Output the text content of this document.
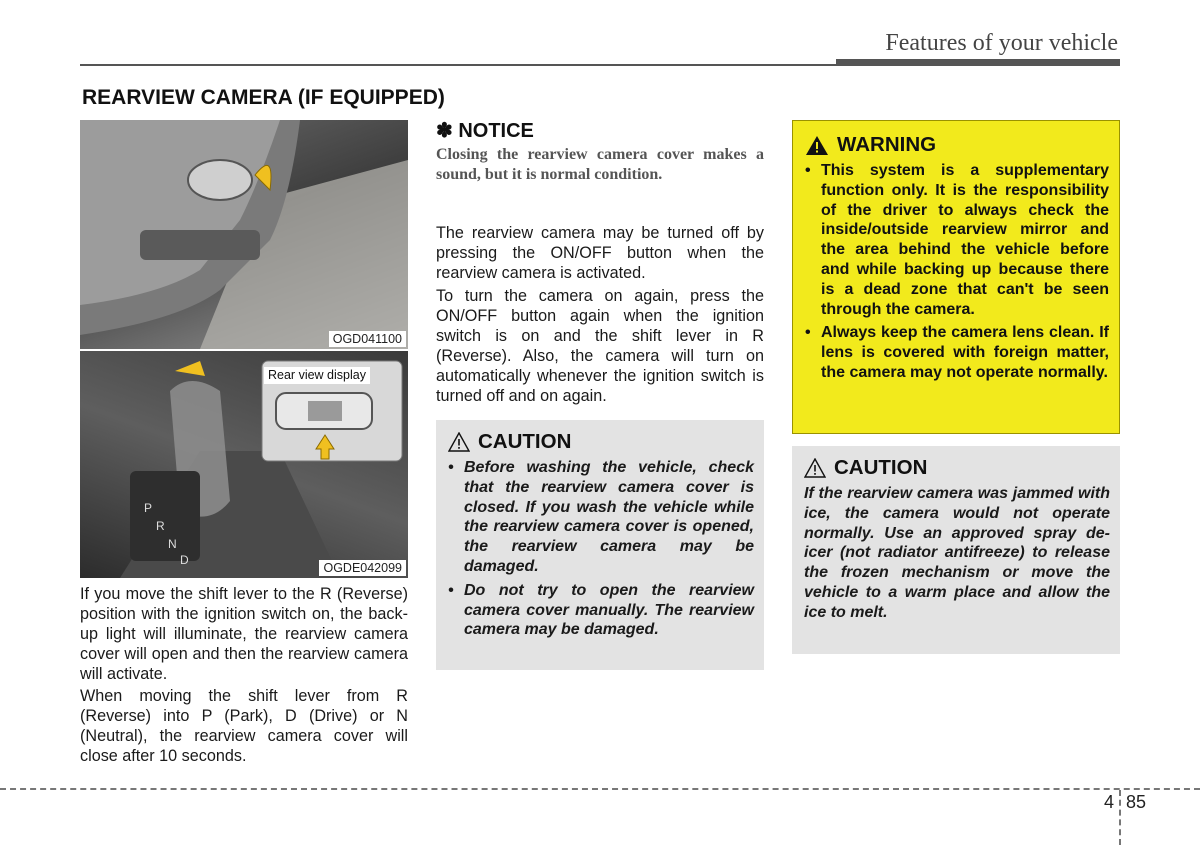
Features of your vehicle
REARVIEW CAMERA (IF EQUIPPED)
OGD041100
P
R
N
D
Rear view display
OGDE042099

If you move the shift lever to the R (Reverse) position with the ignition switch on, the back-up light will illuminate, the rearview camera cover will open and then the rearview camera will activate.

When moving the shift lever from R (Reverse) into P (Park), D (Drive) or N (Neutral), the rearview camera cover will close after 10 seconds.

✽ NOTICE

Closing the rearview camera cover makes a sound, but it is normal condition.

The rearview camera may be turned off by pressing the ON/OFF button when the rearview camera is activated.

To turn the camera on again, press the ON/OFF button again when the ignition switch is on and the shift lever in R (Reverse). Also, the camera will turn on automatically whenever the ignition switch is turned off and on again.

CAUTION
• Before washing the vehicle, check that the rearview camera cover is closed. If you wash the vehicle while the rearview camera cover is opened, the rearview camera may be damaged.
• Do not try to open the rearview camera cover manually. The rearview camera may be damaged.
WARNING
• This system is a supplementary function only. It is the responsibility of the driver to always check the inside/outside rearview mirror and the area behind the vehicle before and while backing up because there is a dead zone that can't be seen through the camera.
• Always keep the camera lens clean. If lens is covered with foreign matter, the camera may not operate normally.
CAUTION

If the rearview camera was jammed with ice, the camera would not operate normally. Use an approved spray de-icer (not radiator antifreeze) to release the frozen mechanism or move the vehicle to a warm place and allow the ice to melt.

4 85
